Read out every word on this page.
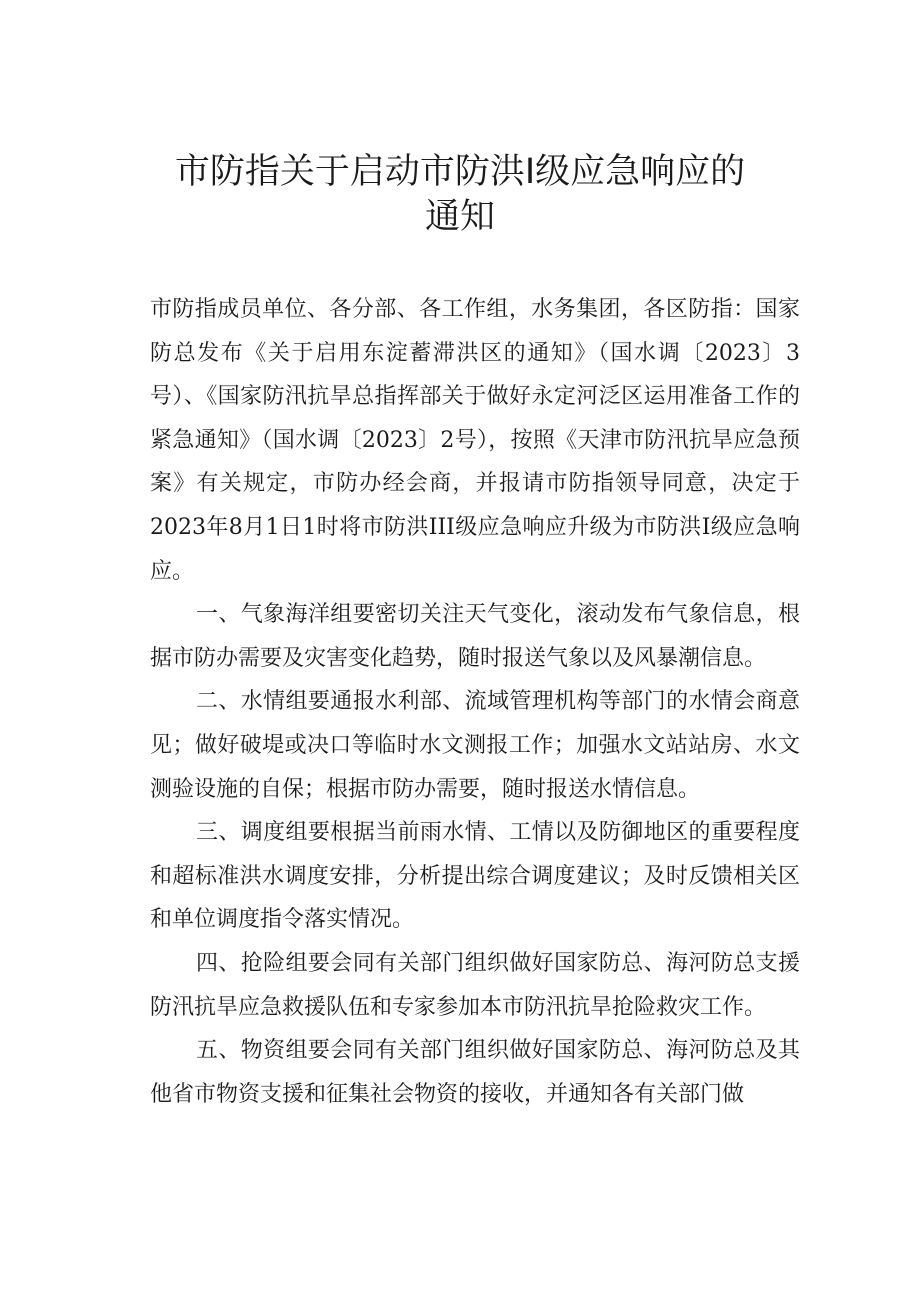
市防指关于启动市防洪Ⅰ级应急响应的
通知

市防指成员单位、各分部、各工作组，水务集团，各区防指：国家防总发布《关于启用东淀蓄滞洪区的通知》（国水调〔2023〕3号）、《国家防汛抗旱总指挥部关于做好永定河泛区运用准备工作的紧急通知》（国水调〔2023〕2号），按照《天津市防汛抗旱应急预案》有关规定，市防办经会商，并报请市防指领导同意，决定于2023年8月1日1时将市防洪III级应急响应升级为市防洪Ⅰ级应急响应。

一、气象海洋组要密切关注天气变化，滚动发布气象信息，根据市防办需要及灾害变化趋势，随时报送气象以及风暴潮信息。

二、水情组要通报水利部、流域管理机构等部门的水情会商意见；做好破堤或决口等临时水文测报工作；加强水文站站房、水文测验设施的自保；根据市防办需要，随时报送水情信息。

三、调度组要根据当前雨水情、工情以及防御地区的重要程度和超标准洪水调度安排，分析提出综合调度建议；及时反馈相关区和单位调度指令落实情况。

四、抢险组要会同有关部门组织做好国家防总、海河防总支援防汛抗旱应急救援队伍和专家参加本市防汛抗旱抢险救灾工作。

五、物资组要会同有关部门组织做好国家防总、海河防总及其他省市物资支援和征集社会物资的接收，并通知各有关部门做
